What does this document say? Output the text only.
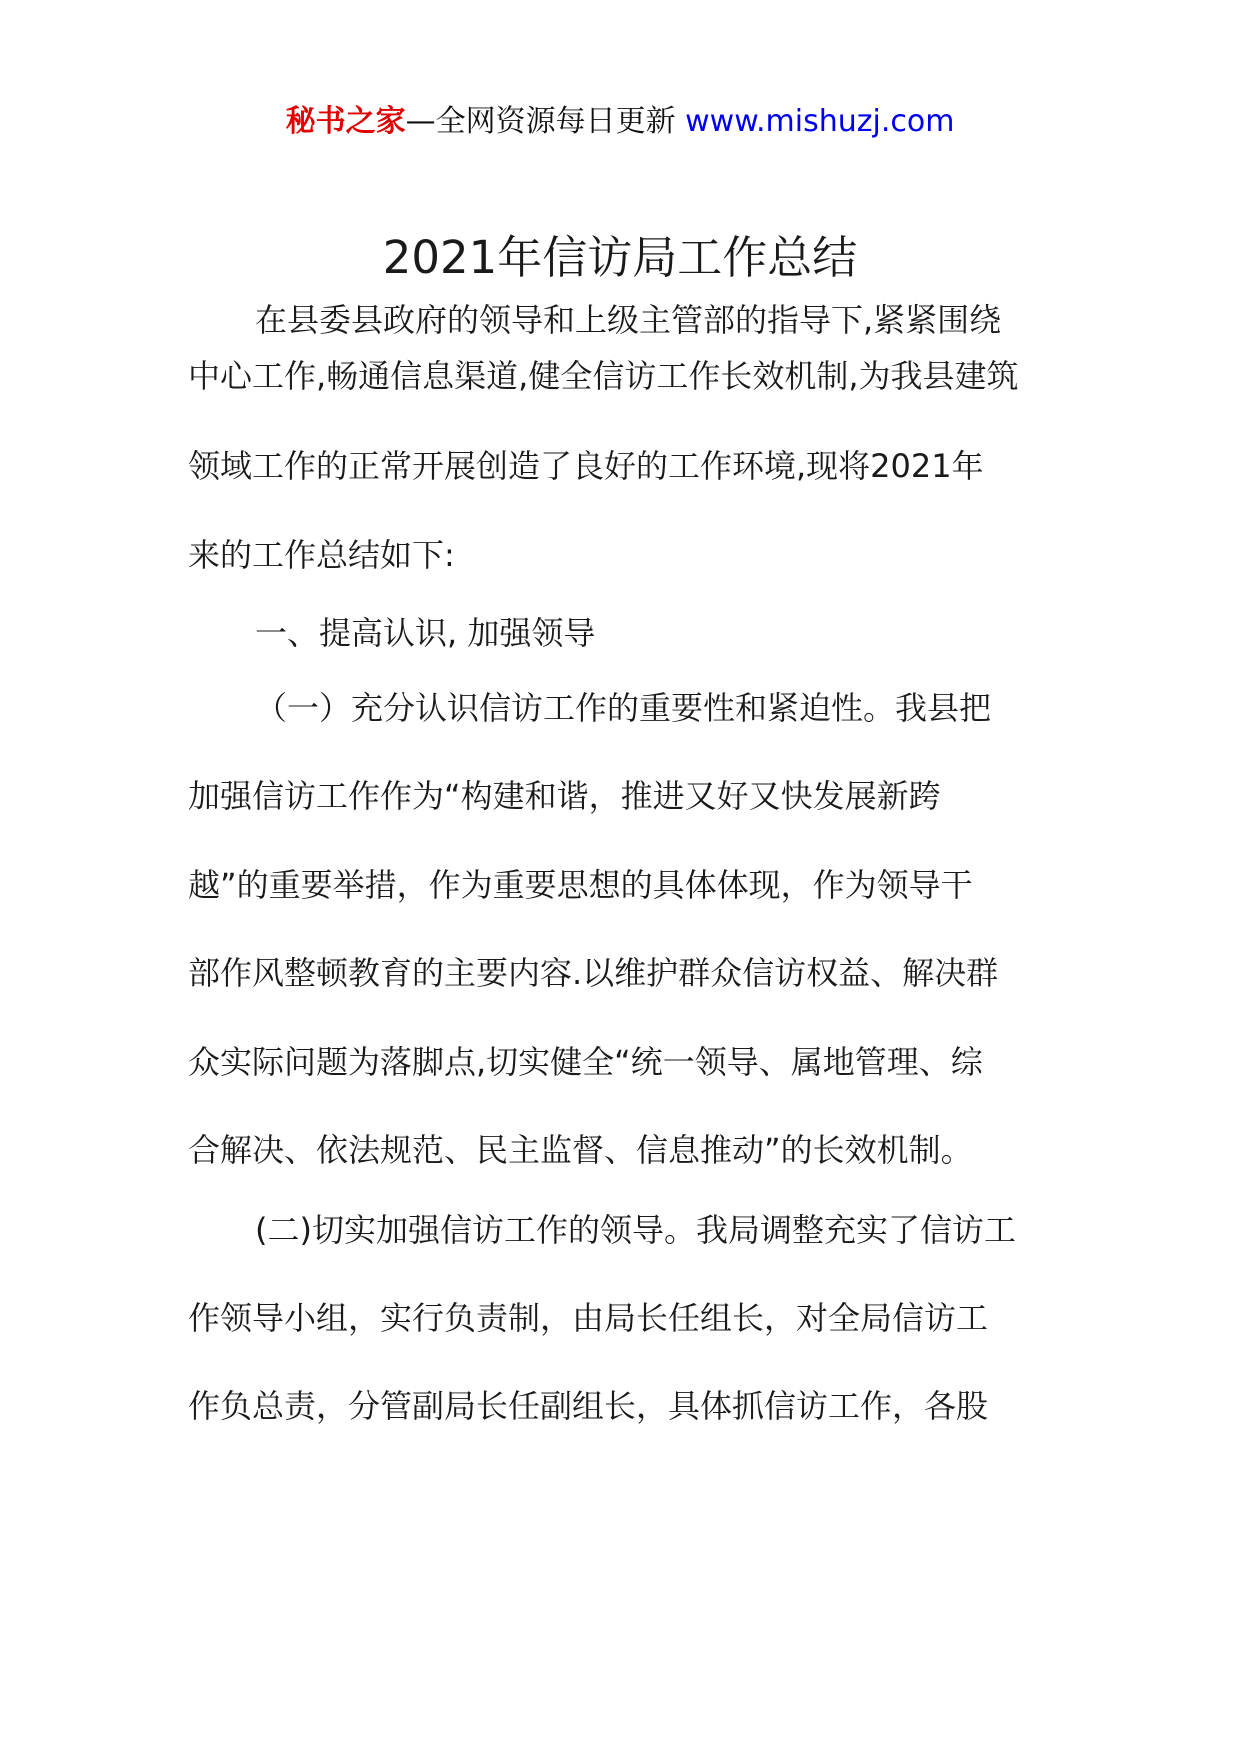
秘书之家—全网资源每日更新 www.mishuzj.com
2021年信访局工作总结
在县委县政府的领导和上级主管部的指导下,紧紧围绕
中心工作,畅通信息渠道,健全信访工作长效机制,为我县建筑
领域工作的正常开展创造了良好的工作环境,现将2021年
来的工作总结如下:
一、提高认识, 加强领导
（一）充分认识信访工作的重要性和紧迫性。我县把
加强信访工作作为“构建和谐，推进又好又快发展新跨
越”的重要举措，作为重要思想的具体体现，作为领导干
部作风整顿教育的主要内容.以维护群众信访权益、解决群
众实际问题为落脚点,切实健全“统一领导、属地管理、综
合解决、依法规范、民主监督、信息推动”的长效机制。
(二)切实加强信访工作的领导。我局调整充实了信访工
作领导小组，实行负责制，由局长任组长，对全局信访工
作负总责，分管副局长任副组长，具体抓信访工作，各股
